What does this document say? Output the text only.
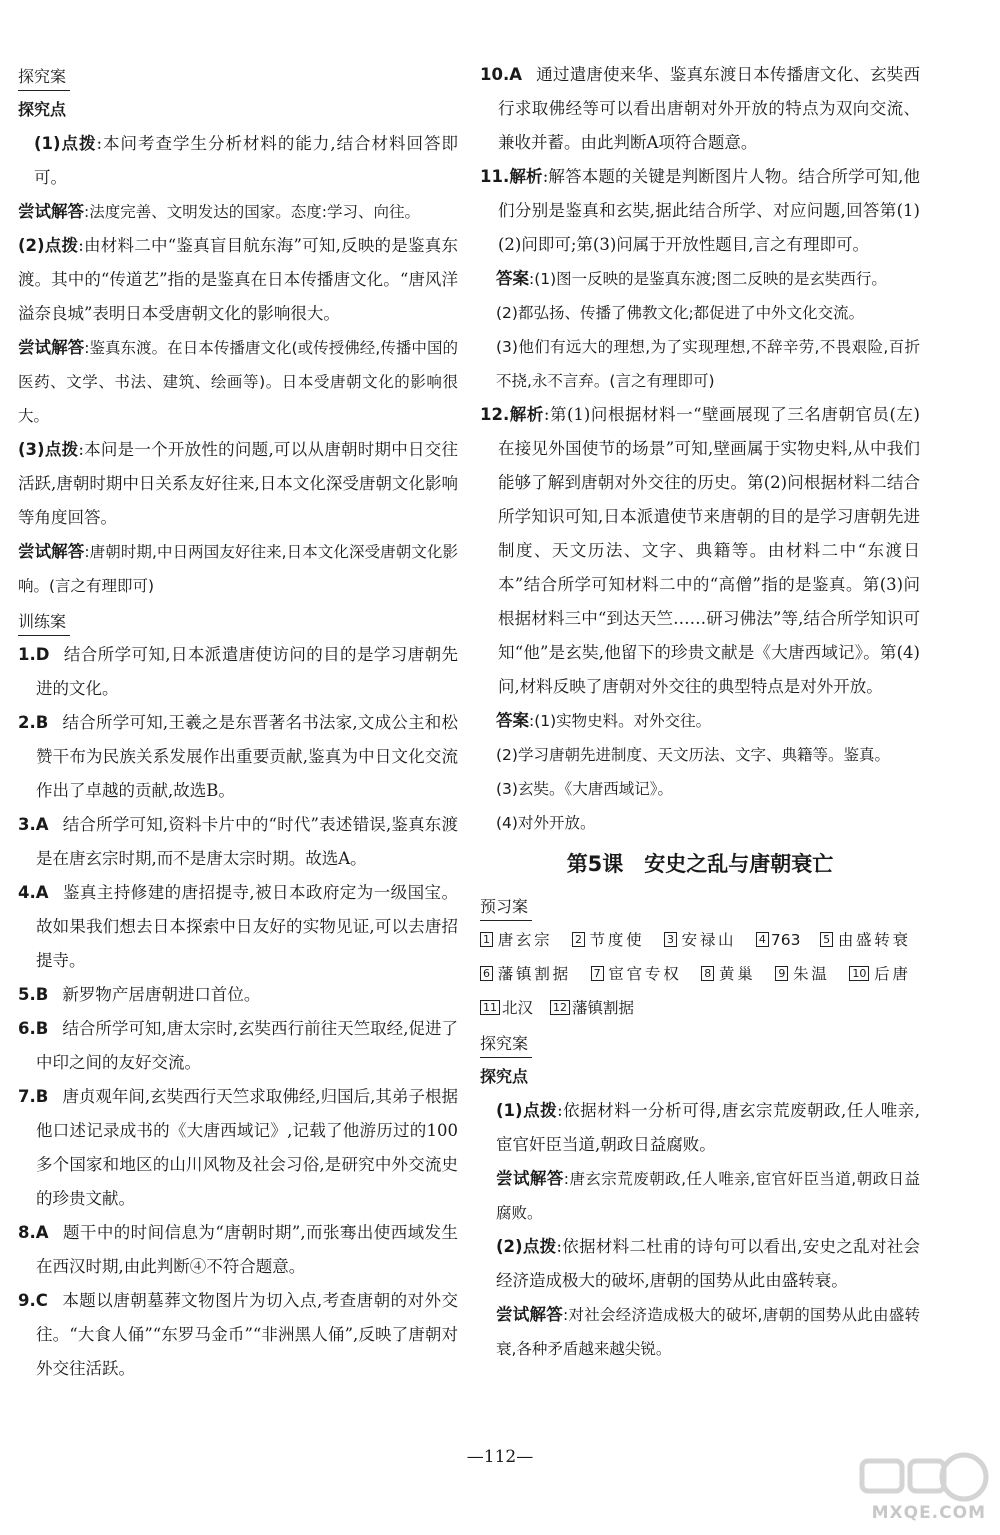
探究案

探究点

(1)点拨:本问考查学生分析材料的能力,结合材料回答即可。

尝试解答:法度完善、文明发达的国家。态度:学习、向往。

(2)点拨:由材料二中“鉴真盲目航东海”可知,反映的是鉴真东渡。其中的“传道艺”指的是鉴真在日本传播唐文化。“唐风洋溢奈良城”表明日本受唐朝文化的影响很大。

尝试解答:鉴真东渡。在日本传播唐文化(或传授佛经,传播中国的医药、文学、书法、建筑、绘画等)。日本受唐朝文化的影响很大。

(3)点拨:本问是一个开放性的问题,可以从唐朝时期中日交往活跃,唐朝时期中日关系友好往来,日本文化深受唐朝文化影响等角度回答。

尝试解答:唐朝时期,中日两国友好往来,日本文化深受唐朝文化影响。(言之有理即可)

训练案

1.D 结合所学可知,日本派遣唐使访问的目的是学习唐朝先进的文化。

2.B 结合所学可知,王羲之是东晋著名书法家,文成公主和松赞干布为民族关系发展作出重要贡献,鉴真为中日文化交流作出了卓越的贡献,故选B。

3.A 结合所学可知,资料卡片中的“时代”表述错误,鉴真东渡是在唐玄宗时期,而不是唐太宗时期。故选A。

4.A 鉴真主持修建的唐招提寺,被日本政府定为一级国宝。故如果我们想去日本探索中日友好的实物见证,可以去唐招提寺。

5.B 新罗物产居唐朝进口首位。

6.B 结合所学可知,唐太宗时,玄奘西行前往天竺取经,促进了中印之间的友好交流。

7.B 唐贞观年间,玄奘西行天竺求取佛经,归国后,其弟子根据他口述记录成书的《大唐西域记》,记载了他游历过的100多个国家和地区的山川风物及社会习俗,是研究中外交流史的珍贵文献。

8.A 题干中的时间信息为“唐朝时期”,而张骞出使西域发生在西汉时期,由此判断④不符合题意。

9.C 本题以唐朝墓葬文物图片为切入点,考查唐朝的对外交往。“大食人俑”“东罗马金币”“非洲黑人俑”,反映了唐朝对外交往活跃。

10.A 通过遣唐使来华、鉴真东渡日本传播唐文化、玄奘西行求取佛经等可以看出唐朝对外开放的特点为双向交流、兼收并蓄。由此判断A项符合题意。

11.解析:解答本题的关键是判断图片人物。结合所学可知,他们分别是鉴真和玄奘,据此结合所学、对应问题,回答第(1)(2)问即可;第(3)问属于开放性题目,言之有理即可。

答案:(1)图一反映的是鉴真东渡;图二反映的是玄奘西行。

(2)都弘扬、传播了佛教文化;都促进了中外文化交流。

(3)他们有远大的理想,为了实现理想,不辞辛劳,不畏艰险,百折不挠,永不言弃。(言之有理即可)

12.解析:第(1)问根据材料一“壁画展现了三名唐朝官员(左)在接见外国使节的场景”可知,壁画属于实物史料,从中我们能够了解到唐朝对外交往的历史。第(2)问根据材料二结合所学知识可知,日本派遣使节来唐朝的目的是学习唐朝先进制度、天文历法、文字、典籍等。由材料二中“东渡日本”结合所学可知材料二中的“高僧”指的是鉴真。第(3)问根据材料三中“到达天竺……研习佛法”等,结合所学知识可知“他”是玄奘,他留下的珍贵文献是《大唐西域记》。第(4)问,材料反映了唐朝对外交往的典型特点是对外开放。

答案:(1)实物史料。对外交往。

(2)学习唐朝先进制度、天文历法、文字、典籍等。鉴真。

(3)玄奘。《大唐西域记》。

(4)对外开放。

第5课　安史之乱与唐朝衰亡
预习案

1 唐玄宗 2 节度使 3 安禄山 4 763 5 由盛转衰 6 藩镇割据 7 宦官专权 8 黄巢 9 朱温 10 后唐 11 北汉 12 藩镇割据

探究案

探究点

(1)点拨:依据材料一分析可得,唐玄宗荒废朝政,任人唯亲,宦官奸臣当道,朝政日益腐败。

尝试解答:唐玄宗荒废朝政,任人唯亲,宦官奸臣当道,朝政日益腐败。

(2)点拨:依据材料二杜甫的诗句可以看出,安史之乱对社会经济造成极大的破坏,唐朝的国势从此由盛转衰。

尝试解答:对社会经济造成极大的破坏,唐朝的国势从此由盛转衰,各种矛盾越来越尖锐。

—112—
MXQE.COM
